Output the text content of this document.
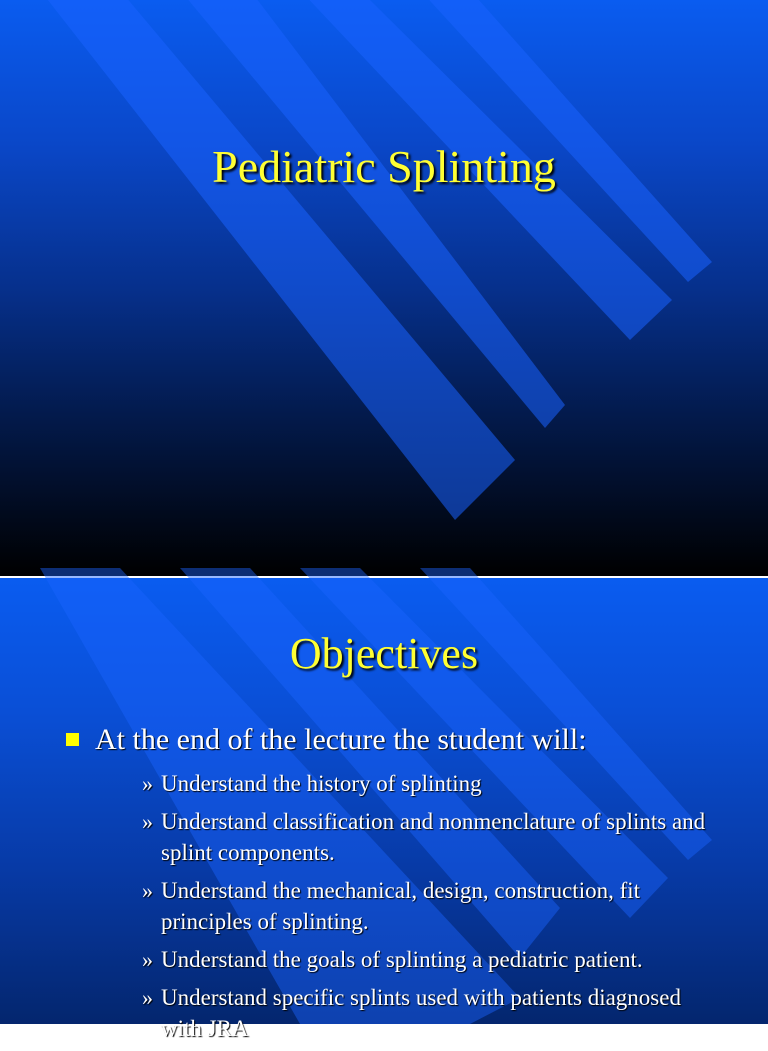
Pediatric Splinting
Objectives
At the end of the lecture the student will:
» Understand the history of splinting
» Understand classification and nonmenclature of splints and splint components.
» Understand the mechanical, design, construction, fit principles of splinting.
» Understand the goals of splinting a pediatric patient.
» Understand specific splints used with patients diagnosed with JRA
